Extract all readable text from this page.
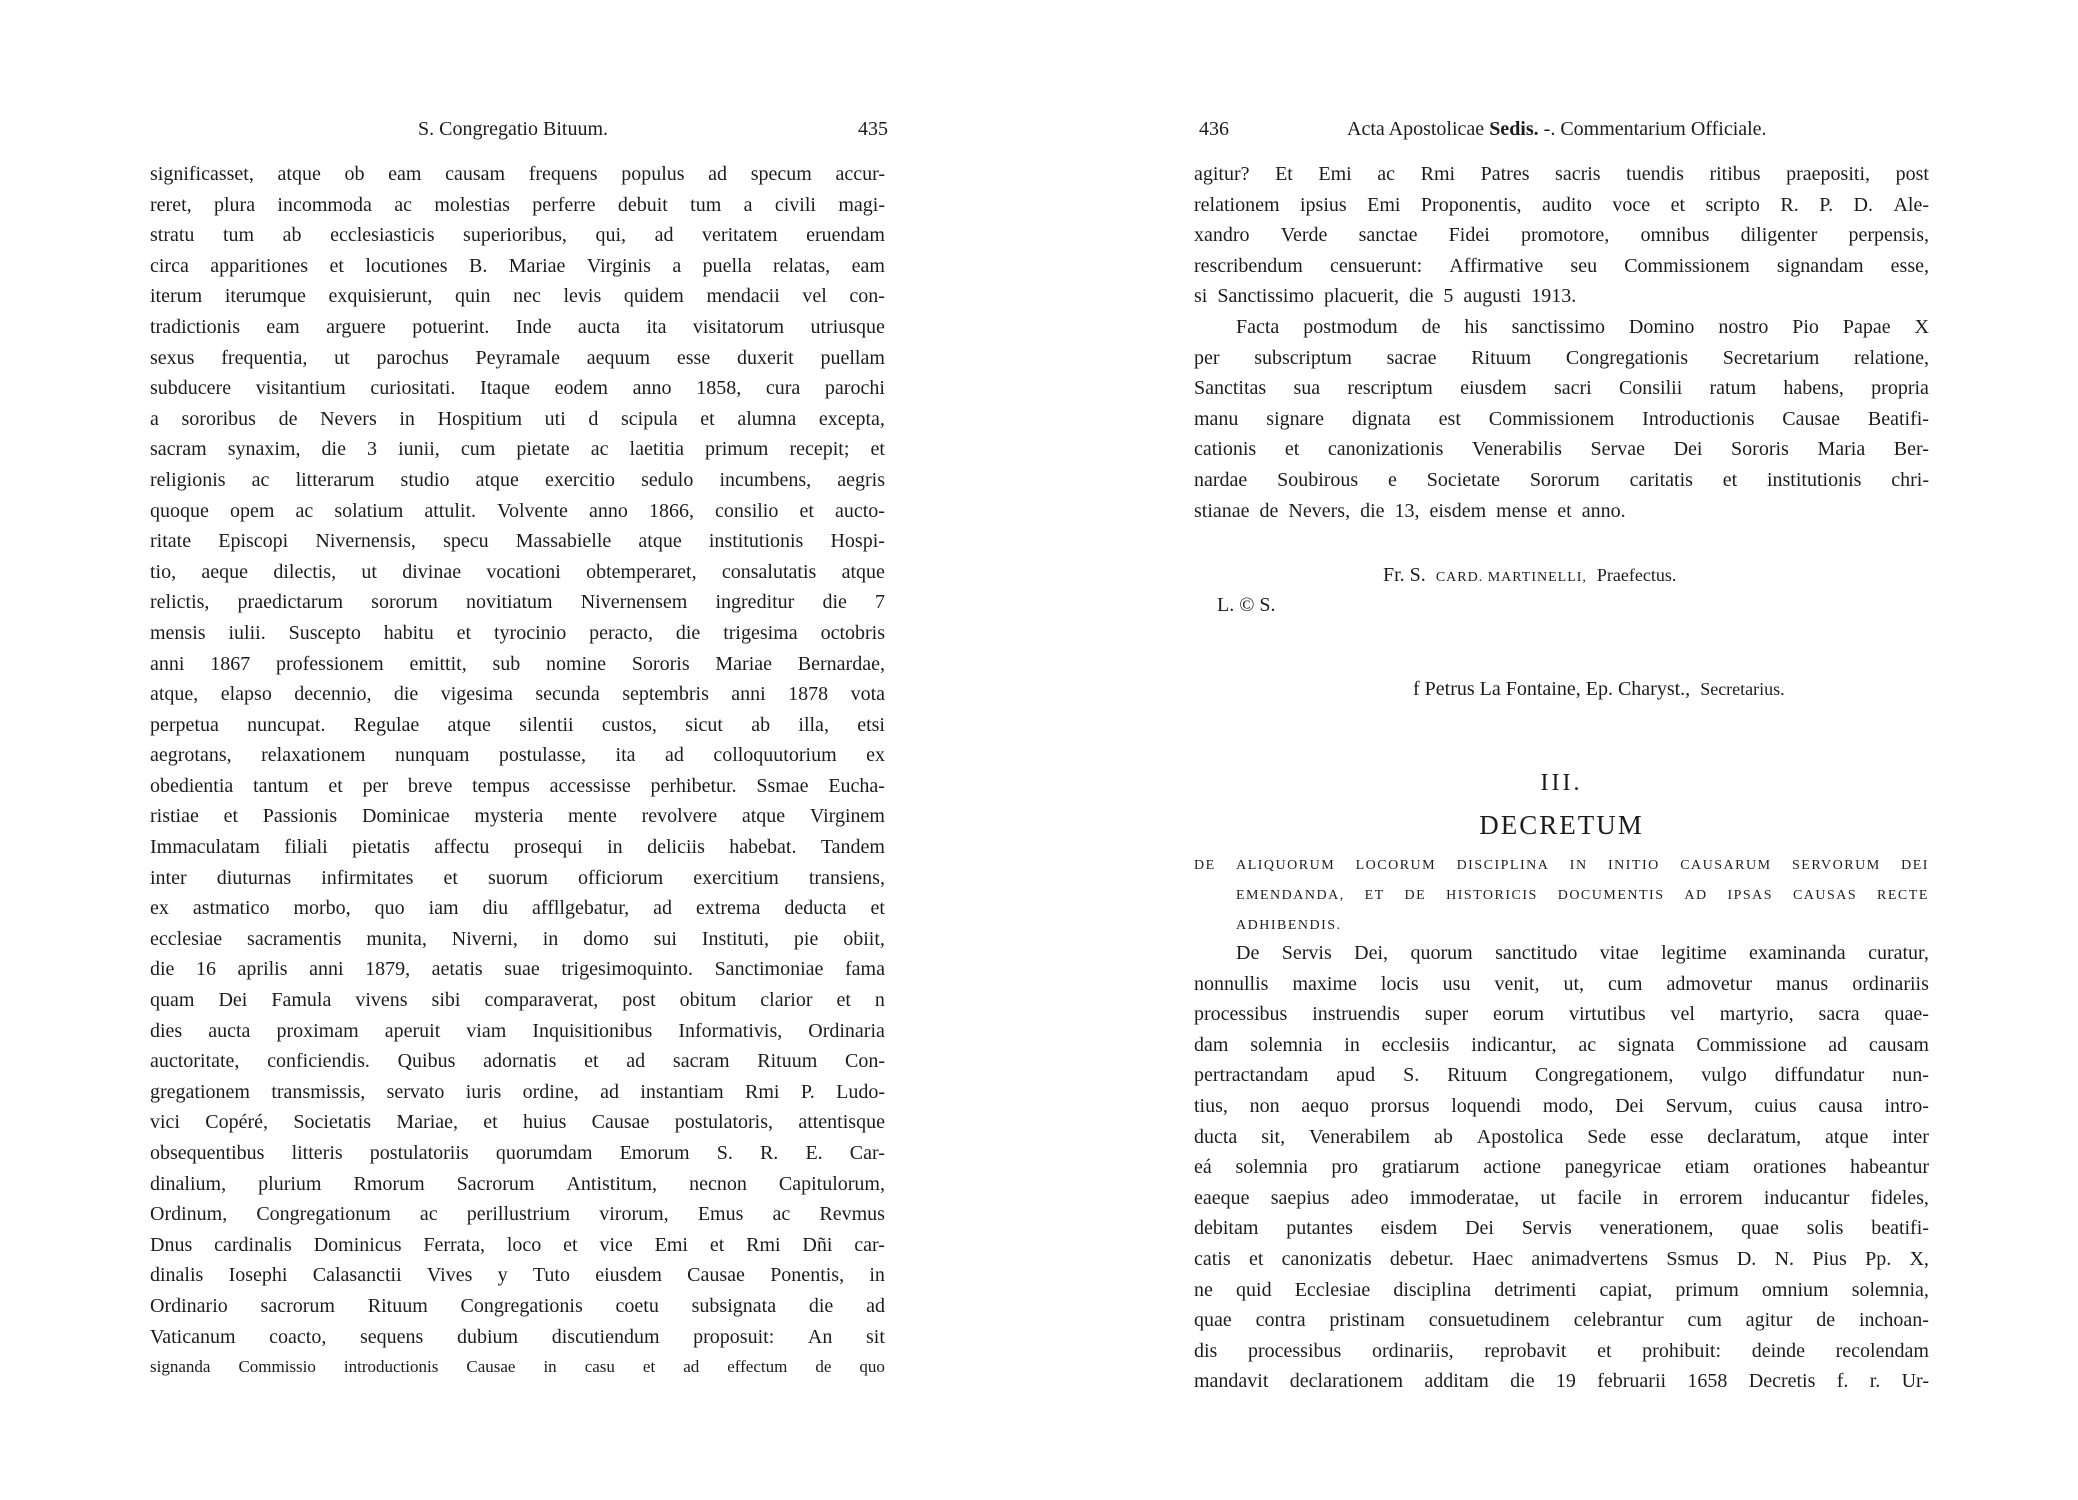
S. Congregatio Bituum.	435
significasset, atque ob eam causam frequens populus ad specum accur-
reret, plura incommoda ac molestias perferre debuit tum a civili magi-
stratu tum ab ecclesiasticis superioribus, qui, ad veritatem eruendam
circa apparitiones et locutiones B. Mariae Virginis a puella relatas, eam
iterum iterumque exquisierunt, quin nec levis quidem mendacii vel con-
tradictionis eam arguere potuerint. Inde aucta ita visitatorum utriusque
sexus frequentia, ut parochus Peyramale aequum esse duxerit puellam
subducere visitantium curiositati. Itaque eodem anno 1858, cura parochi
a sororibus de Nevers in Hospitium uti d scipula et alumna excepta,
sacram synaxim, die 3 iunii, cum pietate ac laetitia primum recepit; et
religionis ac litterarum studio atque exercitio sedulo incumbens, aegris
quoque opem ac solatium attulit. Volvente anno 1866, consilio et aucto-
ritate Episcopi Nivernensis, specu Massabielle atque institutionis Hospi-
tio, aeque dilectis, ut divinae vocationi obtemperaret, consalutatis atque
relictis, praedictarum sororum novitiatum Nivernensem ingreditur die 7
mensis iulii. Suscepto habitu et tyrocinio peracto, die trigesima octobris
anni 1867 professionem emittit, sub nomine Sororis Mariae Bernardae,
atque, elapso decennio, die vigesima secunda septembris anni 1878 vota
perpetua nuncupat. Regulae atque silentii custos, sicut ab illa, etsi
aegrotans, relaxationem nunquam postulasse, ita ad colloquutorium ex
obedientia tantum et per breve tempus accessisse perhibetur. Ssmae Eucha-
ristiae et Passionis Dominicae mysteria mente revolvere atque Virginem
Immaculatam filiali pietatis affectu prosequi in deliciis habebat. Tandem
inter diuturnas infirmitates et suorum officiorum exercitium transiens,
ex astmatico morbo, quo iam diu affllgebatur, ad extrema deducta et
ecclesiae sacramentis munita, Niverni, in domo sui Instituti, pie obiit,
die 16 aprilis anni 1879, aetatis suae trigesimoquinto. Sanctimoniae fama
quam Dei Famula vivens sibi comparaverat, post obitum clarior et n
dies aucta proximam aperuit viam Inquisitionibus Informativis, Ordinaria
auctoritate, conficiendis. Quibus adornatis et ad sacram Rituum Con-
gregationem transmissis, servato iuris ordine, ad instantiam Rmi P. Ludo-
vici Copéré, Societatis Mariae, et huius Causae postulatoris, attentisque
obsequentibus litteris postulatoriis quorumdam Emorum S. R. E. Car-
dinalium, plurium Rmorum Sacrorum Antistitum, necnon Capitulorum,
Ordinum, Congregationum ac perillustrium virorum, Emus ac Revmus
Dnus cardinalis Dominicus Ferrata, loco et vice Emi et Rmi Dñi car-
dinalis Iosephi Calasanctii Vives y Tuto eiusdem Causae Ponentis, in
Ordinario sacrorum Rituum Congregationis coetu subsignata die ad
Vaticanum coacto, sequens dubium discutiendum proposuit: An sit
signanda Commissio introductionis Causae in casu et ad effectum de quo
436	Acta Apostolicae Sedis. -. Commentarium Officiale.
agitur? Et Emi ac Rmi Patres sacris tuendis ritibus praepositi, post
relationem ipsius Emi Proponentis, audito voce et scripto R. P. D. Ale-
xandro Verde sanctae Fidei promotore, omnibus diligenter perpensis,
rescribendum censuerunt: Affirmative seu Commissionem signandam esse,
si Sanctissimo placuerit, die 5 augusti 1913.
Facta postmodum de his sanctissimo Domino nostro Pio Papae X
per subscriptum sacrae Rituum Congregationis Secretarium relatione,
Sanctitas sua rescriptum eiusdem sacri Consilii ratum habens, propria
manu signare dignata est Commissionem Introductionis Causae Beatifi-
cationis et canonizationis Venerabilis Servae Dei Sororis Maria Ber-
nardae Soubirous e Societate Sororum caritatis et institutionis chri-
stianae de Nevers, die 13, eisdem mense et anno.
Fr. S. CARD. MARTINELLI, Praefectus.
L. © S.
f Petrus La Fontaine, Ep. Charyst., Secretarius.
III.
DECRETUM
DE ALIQUORUM LOCORUM DISCIPLINA IN INITIO CAUSARUM SERVORUM DEI
EMENDANDA, ET DE HISTORICIS DOCUMENTIS AD IPSAS CAUSAS RECTE
ADHIBENDIS.
De Servis Dei, quorum sanctitudo vitae legitime examinanda curatur,
nonnullis maxime locis usu venit, ut, cum admovetur manus ordinariis
processibus instruendis super eorum virtutibus vel martyrio, sacra quae-
dam solemnia in ecclesiis indicantur, ac signata Commissione ad causam
pertractandam apud S. Rituum Congregationem, vulgo diffundatur nun-
tius, non aequo prorsus loquendi modo, Dei Servum, cuius causa intro-
ducta sit, Venerabilem ab Apostolica Sede esse declaratum, atque inter
eá solemnia pro gratiarum actione panegyricae etiam orationes habeantur
eaeque saepius adeo immoderatae, ut facile in errorem inducantur fideles,
debitam putantes eisdem Dei Servis venerationem, quae solis beatifi-
catis et canonizatis debetur. Haec animadvertens Ssmus D. N. Pius Pp. X,
ne quid Ecclesiae disciplina detrimenti capiat, primum omnium solemnia,
quae contra pristinam consuetudinem celebrantur cum agitur de inchoan-
dis processibus ordinariis, reprobavit et prohibuit: deinde recolendam
mandavit declarationem additam die 19 februarii 1658 Decretis f. r. Ur-
